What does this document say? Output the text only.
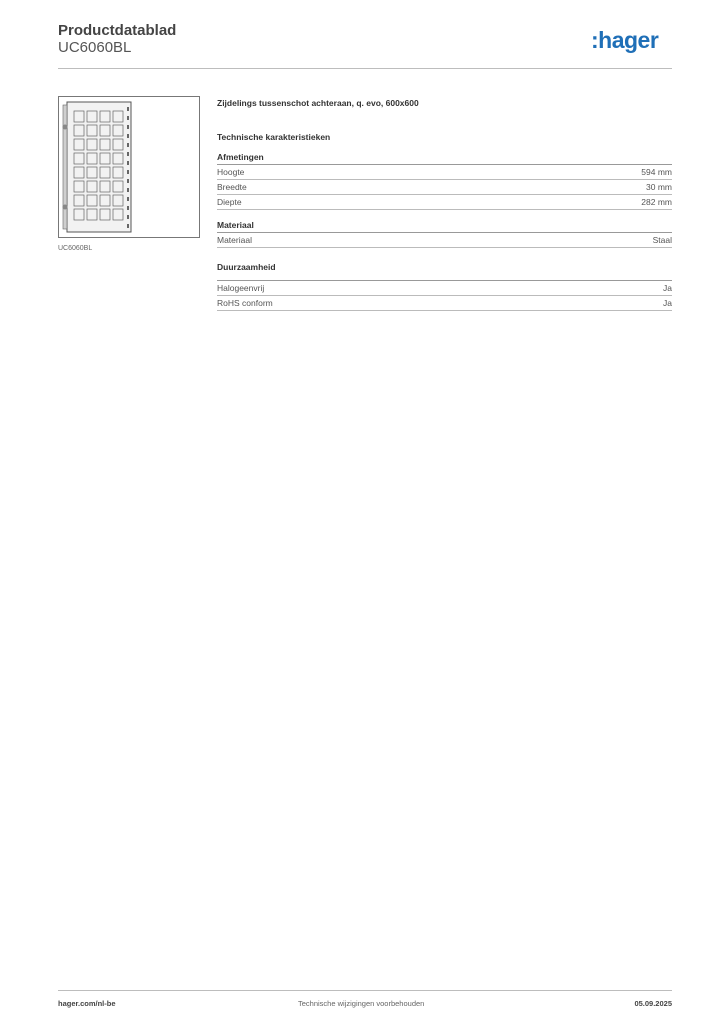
Productdatablad
UC6060BL	:hager
UC6060BL
Zijdelings tussenschot achteraan, q. evo, 600x600
Technische karakteristieken
Afmetingen
Hoogte	594 mm
Breedte	30 mm
Diepte	282 mm
Materiaal
Materiaal	Staal
Duurzaamheid
Halogeenvrij	Ja
RoHS conform	Ja
hager.com/nl-be	Technische wijzigingen voorbehouden	05.09.2025
